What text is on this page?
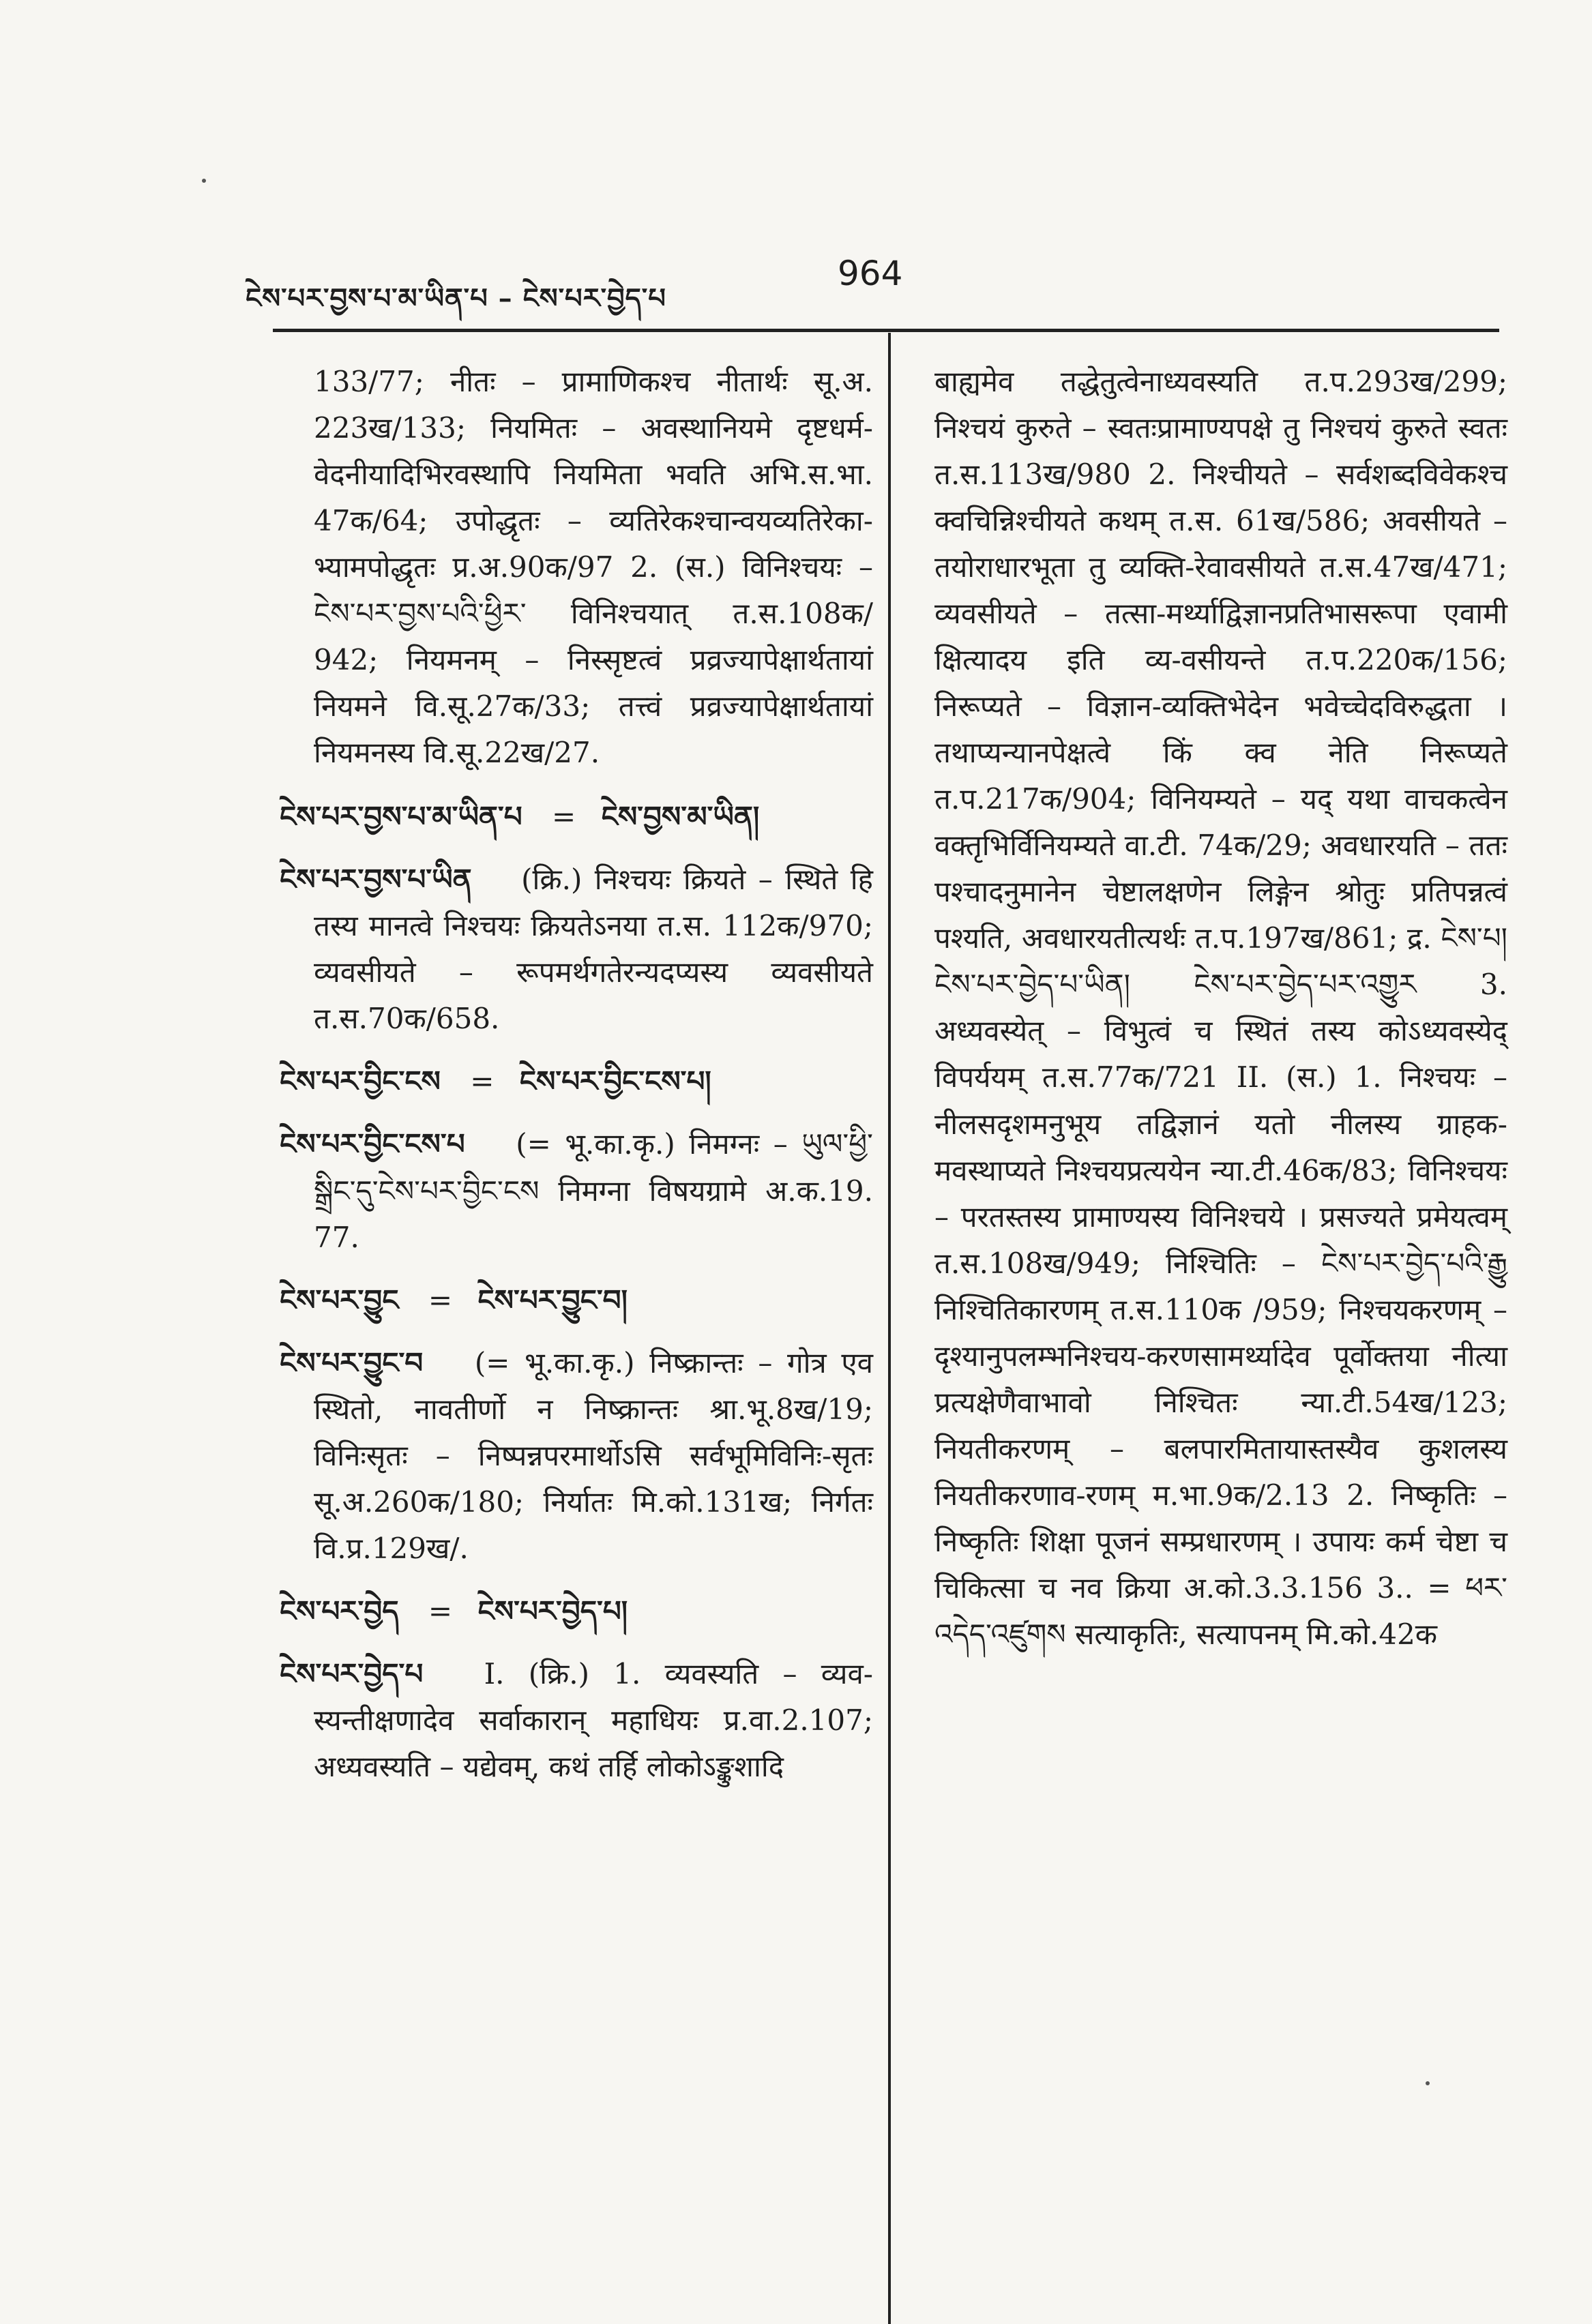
ངེས་པར་བྱས་པ་མ་ཡིན་པ – ངེས་པར་བྱེད་པ
964

133/77; नीतः – प्रामाणिकश्च नीतार्थः सू.अ. 223ख/133; नियमितः – अवस्थानियमे दृष्टधर्म-वेदनीयादिभिरवस्थापि नियमिता भवति अभि.स.भा. 47क/64; उपोद्धृतः – व्यतिरेकश्चान्वयव्यतिरेका-भ्यामपोद्धृतः प्र.अ.90क/97 2. (स.) विनिश्चयः – ངེས་པར་བྱས་པའི་ཕྱིར་ विनिश्चयात् त.स.108क/ 942; नियमनम् – निस्सृष्टत्वं प्रव्रज्यापेक्षार्थतायां नियमने वि.सू.27क/33; तत्त्वं प्रव्रज्यापेक्षार्थतायां नियमनस्य वि.सू.22ख/27.

ངེས་པར་བྱས་པ་མ་ཡིན་པ = ངེས་བྱས་མ་ཡིན།
ངེས་པར་བྱས་པ་ཡིན (क्रि.) निश्चयः क्रियते – स्थिते हि तस्य मानत्वे निश्चयः क्रियतेऽनया त.स. 112क/970; व्यवसीयते – रूपमर्थगतेरन्यदप्यस्य व्यवसीयते त.स.70क/658.
ངེས་པར་བྱིང་ངས = ངེས་པར་བྱིང་ངས་པ།
ངེས་པར་བྱིང་ངས་པ (= भू.का.कृ.) निमग्नः – ཡུལ་ཕྱི་སྒྲིང་དུ་ངེས་པར་བྱིང་ངས निमग्ना विषयग्रामे अ.क.19. 77.
ངེས་པར་བྱུང = ངེས་པར་བྱུང་བ།
ངེས་པར་བྱུང་བ (= भू.का.कृ.) निष्क्रान्तः – गोत्र एव स्थितो, नावतीर्णो न निष्क्रान्तः श्रा.भू.8ख/19; विनिःसृतः – निष्पन्नपरमार्थोऽसि सर्वभूमिविनिः-सृतः सू.अ.260क/180; निर्यातः मि.को.131ख; निर्गतः वि.प्र.129ख/.
ངེས་པར་བྱེད = ངེས་པར་བྱེད་པ།
ངེས་པར་བྱེད་པ I. (क्रि.) 1. व्यवस्यति – व्यव-स्यन्तीक्षणादेव सर्वाकारान् महाधियः प्र.वा.2.107; अध्यवस्यति – यद्येवम्, कथं तर्हि लोकोऽङ्कुशादि

बाह्यमेव तद्धेतुत्वेनाध्यवस्यति त.प.293ख/299; निश्चयं कुरुते – स्वतःप्रामाण्यपक्षे तु निश्चयं कुरुते स्वतः त.स.113ख/980 2. निश्चीयते – सर्वशब्दविवेकश्च क्वचिन्निश्चीयते कथम् त.स. 61ख/586; अवसीयते – तयोराधारभूता तु व्यक्ति-रेवावसीयते त.स.47ख/471; व्यवसीयते – तत्सा-मर्थ्याद्विज्ञानप्रतिभासरूपा एवामी क्षित्यादय इति व्य-वसीयन्ते त.प.220क/156; निरूप्यते – विज्ञान-व्यक्तिभेदेन भवेच्चेदविरुद्धता । तथाप्यन्यानपेक्षत्वे किं क्व नेति निरूप्यते त.प.217क/904; विनियम्यते – यद् यथा वाचकत्वेन वक्तृभिर्विनियम्यते वा.टी. 74क/29; अवधारयति – ततः पश्चादनुमानेन चेष्टालक्षणेन लिङ्गेन श्रोतुः प्रतिपन्नत्वं पश्यति, अवधारयतीत्यर्थः त.प.197ख/861; द्र. ངེས་པ། ངེས་པར་བྱེད་པ་ཡིན། ངེས་པར་བྱེད་པར་འགྱུར 3. अध्यवस्येत् – विभुत्वं च स्थितं तस्य कोऽध्यवस्येद् विपर्ययम् त.स.77क/721 II. (स.) 1. निश्चयः – नीलसदृशमनुभूय तद्विज्ञानं यतो नीलस्य ग्राहक-मवस्थाप्यते निश्चयप्रत्ययेन न्या.टी.46क/83; विनिश्चयः – परतस्तस्य प्रामाण्यस्य विनिश्चये । प्रसज्यते प्रमेयत्वम् त.स.108ख/949; निश्चितिः – ངེས་པར་བྱེད་པའི་རྒྱུ निश्चितिकारणम् त.स.110क /959; निश्चयकरणम् – दृश्यानुपलम्भनिश्चय-करणसामर्थ्यादेव पूर्वोक्तया नीत्या प्रत्यक्षेणैवाभावो निश्चितः न्या.टी.54ख/123; नियतीकरणम् – बलपारमितायास्तस्यैव कुशलस्य नियतीकरणाव-रणम् म.भा.9क/2.13 2. निष्कृतिः – निष्कृतिः शिक्षा पूजनं सम्प्रधारणम् । उपायः कर्म चेष्टा च चिकित्सा च नव क्रिया अ.को.3.3.156 3.. = ཕར་འདེད་འཛུགས सत्याकृतिः, सत्यापनम् मि.को.42क
